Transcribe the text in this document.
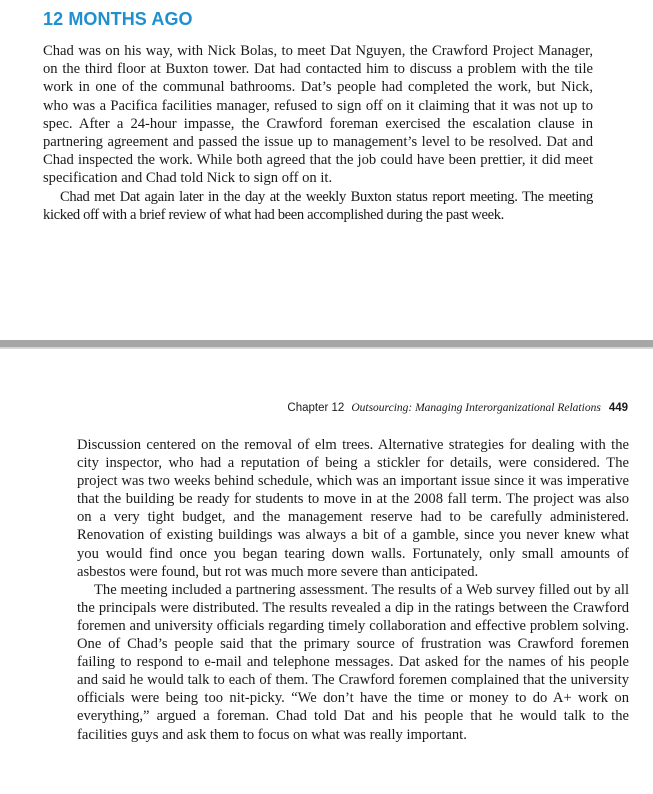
12 MONTHS AGO

Chad was on his way, with Nick Bolas, to meet Dat Nguyen, the Crawford Project Manager, on the third floor at Buxton tower. Dat had contacted him to discuss a problem with the tile work in one of the communal bathrooms. Dat’s people had completed the work, but Nick, who was a Pacifica facilities manager, refused to sign off on it claiming that it was not up to spec. After a 24-hour impasse, the Crawford foreman exercised the escalation clause in partnering agreement and passed the issue up to management’s level to be resolved. Dat and Chad inspected the work. While both agreed that the job could have been prettier, it did meet specification and Chad told Nick to sign off on it.

Chad met Dat again later in the day at the weekly Buxton status report meeting. The meeting kicked off with a brief review of what had been accomplished during the past week.

Chapter 12 Outsourcing: Managing Interorganizational Relations 449

Discussion centered on the removal of elm trees. Alternative strategies for dealing with the city inspector, who had a reputation of being a stickler for details, were considered. The project was two weeks behind schedule, which was an important issue since it was imperative that the building be ready for students to move in at the 2008 fall term. The project was also on a very tight budget, and the management reserve had to be carefully administered. Renovation of existing buildings was always a bit of a gamble, since you never knew what you would find once you began tearing down walls. Fortunately, only small amounts of asbestos were found, but rot was much more severe than anticipated.

The meeting included a partnering assessment. The results of a Web survey filled out by all the principals were distributed. The results revealed a dip in the ratings between the Crawford foremen and university officials regarding timely collaboration and effective problem solving. One of Chad’s people said that the primary source of frustration was Crawford foremen failing to respond to e-mail and telephone messages. Dat asked for the names of his people and said he would talk to each of them. The Crawford foremen complained that the university officials were being too nit-picky. “We don’t have the time or money to do A+ work on everything,” argued a foreman. Chad told Dat and his people that he would talk to the facilities guys and ask them to focus on what was really important.
